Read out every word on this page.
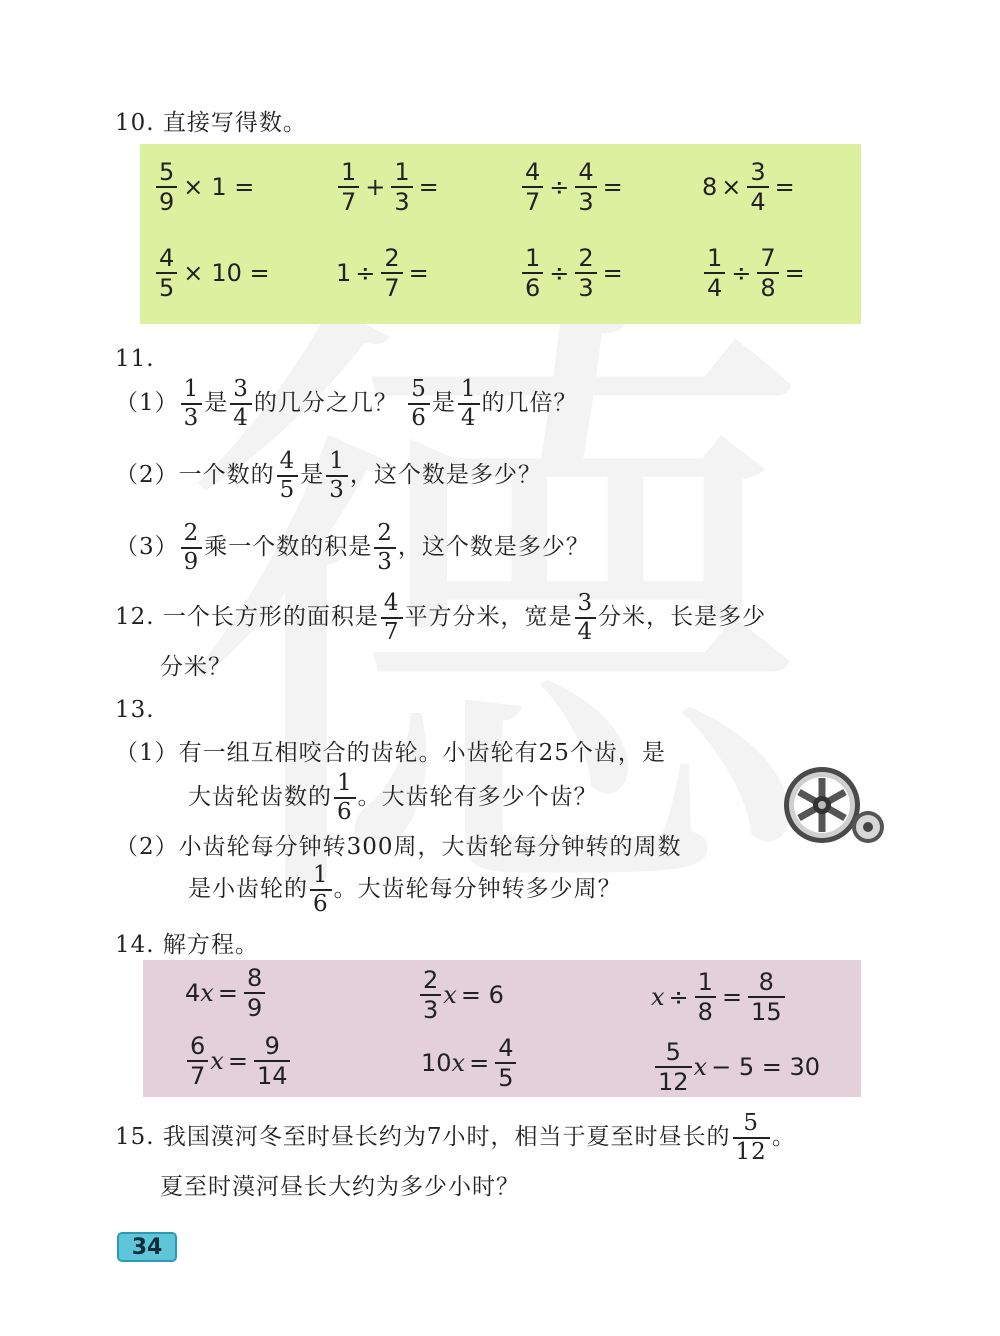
10. 直接写得数。
$\frac{5}{9} \times 1$ =	$\frac{1}{7} + \frac{1}{3}$ =	$\frac{4}{7} \div \frac{4}{3}$ =	$8 \times \frac{3}{4}$ =
$\frac{4}{5} \times 10$ =	$1 \div \frac{2}{7}$ =	$\frac{1}{6} \div \frac{2}{3}$ =	$\frac{1}{4} \div \frac{7}{8}$ =
11.
$(1) \frac{1}{3}$ 是 $\frac{3}{4}$ 的几分之几？ $\frac{5}{6}$ 是 $\frac{1}{4}$ 的几倍？
（2）一个数的 $\frac{4}{5}$ 是 $\frac{1}{3}$ ，这个数是多少？
$(3) \frac{2}{9}$ 乘一个数的积是 $\frac{2}{3}$ ，这个数是多少？
12. 一个长方形的面积是 $\frac{4}{7}$ 平方分米，宽是 $\frac{3}{4}$ 分米，长是多少
分米？
13.
（1）有一组互相咬合的齿轮。小齿轮有25个齿，是
大齿轮齿数的 $\frac{1}{6}$ 。大齿轮有多少个齿？
（2）小齿轮每分钟转300周，大齿轮每分钟转的周数
是小齿轮的 $\frac{1}{6}$ 。大齿轮每分钟转多少周？
14. 解方程。
4 $x = \frac{8}{9}$	$\frac{2}{3}$ x = 6	$x \div \frac{1}{8} = \frac{8}{15}$
$\frac{6}{7}$ $x = \frac{9}{14}$	10 $x = \frac{4}{5}$	$\frac{5}{12}$ x − 5 = 30
15. 我国漠河冬至时昼长约为7小时，相当于夏至时昼长的 $\frac{5}{12}$ 。
夏至时漠河昼长大约为多少小时？
34
